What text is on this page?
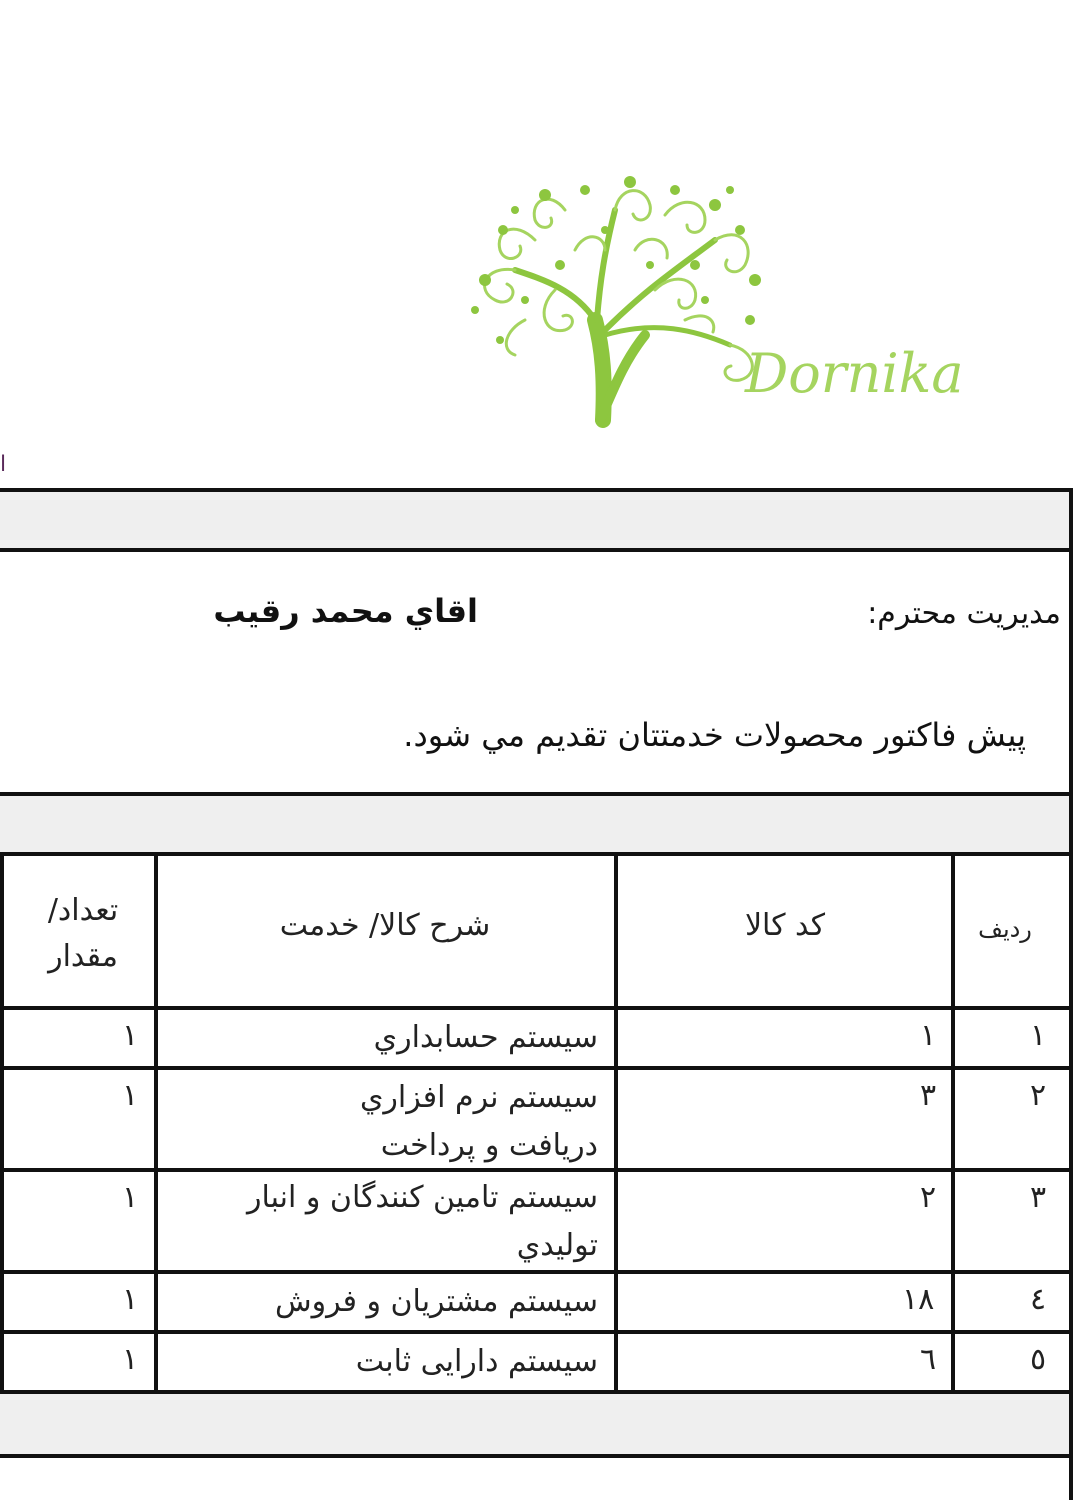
Dornika
ا
مديريت محترم:
اقاي محمد رقيب
پیش فاکتور محصولات خدمتتان تقدیم مي شود.
تعداد/
مقدار
شرح کالا/ خدمت	کد کالا	رديف
١
١
سیستم حسابداري
١
٢
٣
سیستم نرم افزاري دریافت و پرداخت
١
٣
٢
سیستم تامین کنندگان و انبار تولیدي
١
٤
١٨
سیستم مشتریان و فروش
١
٥
٦
سیستم دارایی ثابت
١
